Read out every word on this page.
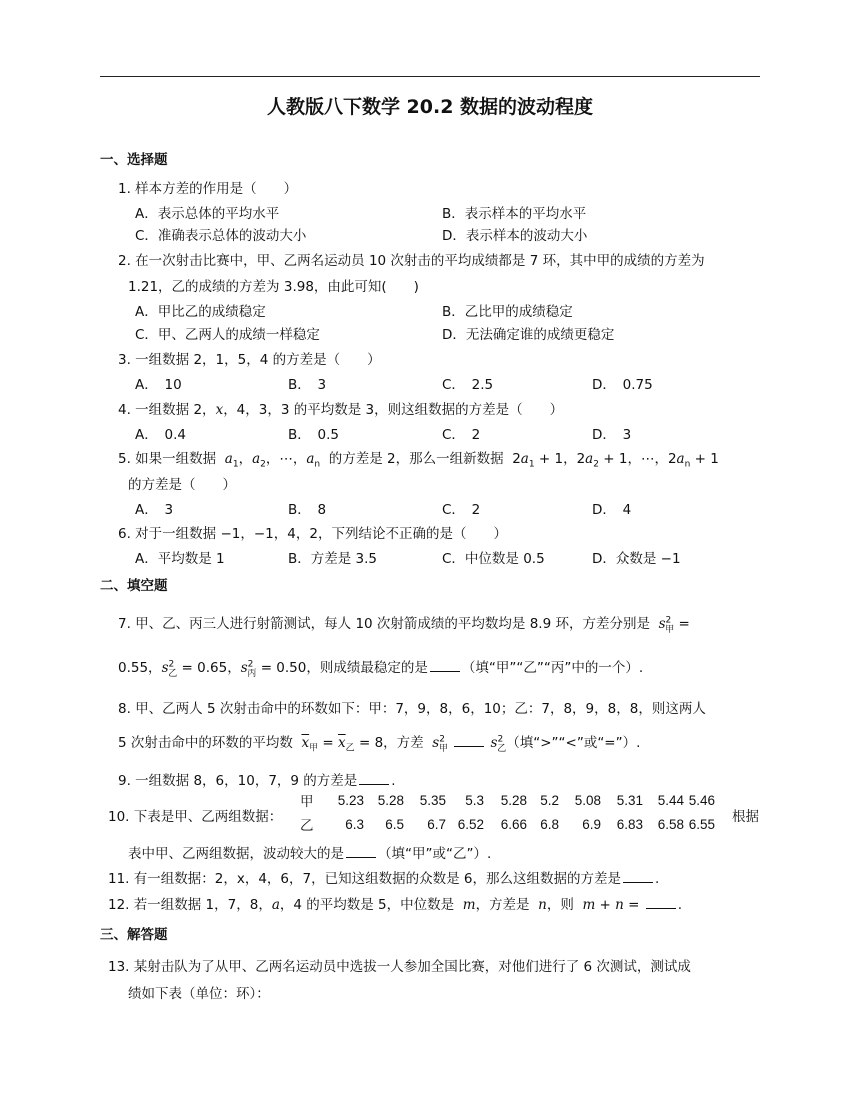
人教版八下数学 20.2 数据的波动程度
一、选择题
1. 样本方差的作用是（　　）
A．表示总体的平均水平	B．表示样本的平均水平
C．准确表示总体的波动大小	D．表示样本的波动大小
2. 在一次射击比赛中，甲、乙两名运动员 10 次射击的平均成绩都是 7 环，其中甲的成绩的方差为
1.21，乙的成绩的方差为 3.98，由此可知(　　)
A．甲比乙的成绩稳定	B．乙比甲的成绩稳定
C．甲、乙两人的成绩一样稳定	D．无法确定谁的成绩更稳定
3. 一组数据 2，1，5，4 的方差是（　　）
A．　10	B．　3	C．　2.5	D．　0.75
4. 一组数据 2，x，4，3，3 的平均数是 3，则这组数据的方差是（　　）
A．　0.4	B．　0.5	C．　2	D．　3
5. 如果一组数据 $a_1$，$a_2$，⋯，$a_n$ 的方差是 2，那么一组新数据  $2a_1 + 1$，$2a_2 + 1$，⋯，$2a_n + 1$
的方差是（　　）
A．　3	B．　8	C．　2	D．　4
6. 对于一组数据 −1，−1，4，2，下列结论不正确的是（　　）
A．平均数是 1	B．方差是 3.5	C．中位数是 0.5	D．众数是 −1
二、填空题
7. 甲、乙、丙三人进行射箭测试，每人 10 次射箭成绩的平均数均是 8.9 环，方差分别是 $s^2_甲$ =
0.55，$s^2_乙 = 0.65$，$s^2_丙 = 0.50$，则成绩最稳定的是	（填“甲”“乙”“丙”中的一个）.
8. 甲、乙两人 5 次射击命中的环数如下：甲：7，9，8，6，10；乙：7，8，9，8，8，则这两人
5 次射击命中的环数的平均数 $\overline{x}_甲 = \overline{x}_乙 = 8$，方差 $s^2_甲$	$s^2_乙$（填“>”“<”或“=”）.
9. 一组数据 8，6，10，7，9 的方差是	.
10. 下表是甲、乙两组数据：
甲	5.23	5.28	5.35	5.3	5.28	5.2	5.08	5.31	5.44	5.46
乙	6.3	6.5	6.7	6.52	6.66	6.8	6.9	6.83	6.58	6.55 根据
表中甲、乙两组数据，波动较大的是	（填“甲”或“乙”）.
11. 有一组数据：2，x，4，6，7，已知这组数据的众数是 6，那么这组数据的方差是	.
12. 若一组数据 1，7，8，a，4 的平均数是 5，中位数是 m，方差是 n，则 m + n =	.
三、解答题
13. 某射击队为了从甲、乙两名运动员中选拔一人参加全国比赛，对他们进行了 6 次测试，测试成
绩如下表（单位：环）：
